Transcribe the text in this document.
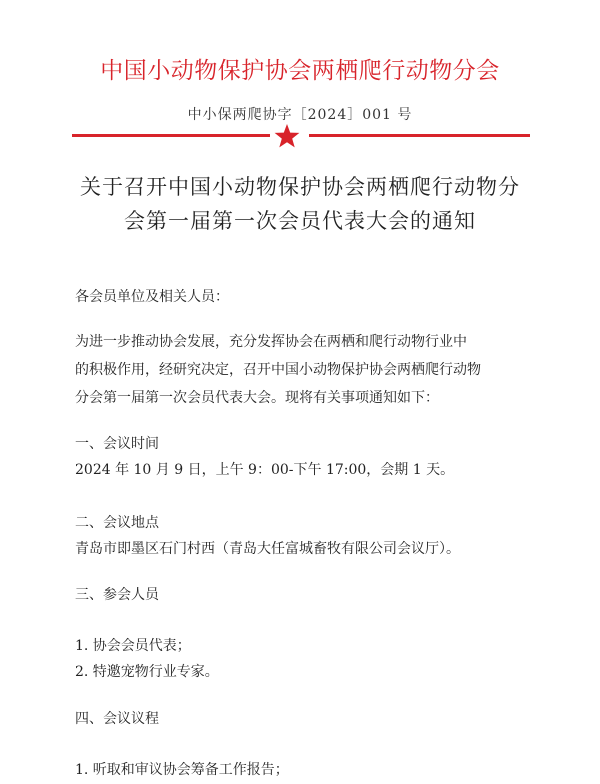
中国小动物保护协会两栖爬行动物分会
中小保两爬协字［2024］001 号
关于召开中国小动物保护协会两栖爬行动物分
会第一届第一次会员代表大会的通知
各会员单位及相关人员：
为进一步推动协会发展，充分发挥协会在两栖和爬行动物行业中
的积极作用，经研究决定，召开中国小动物保护协会两栖爬行动物
分会第一届第一次会员代表大会。现将有关事项通知如下：
一、会议时间
2024 年 10 月 9 日，上午 9：00-下午 17:00，会期 1 天。
二、会议地点
青岛市即墨区石门村西（青岛大任富城畜牧有限公司会议厅）。
三、参会人员
1. 协会会员代表；
2. 特邀宠物行业专家。
四、会议议程
1. 听取和审议协会筹备工作报告；
